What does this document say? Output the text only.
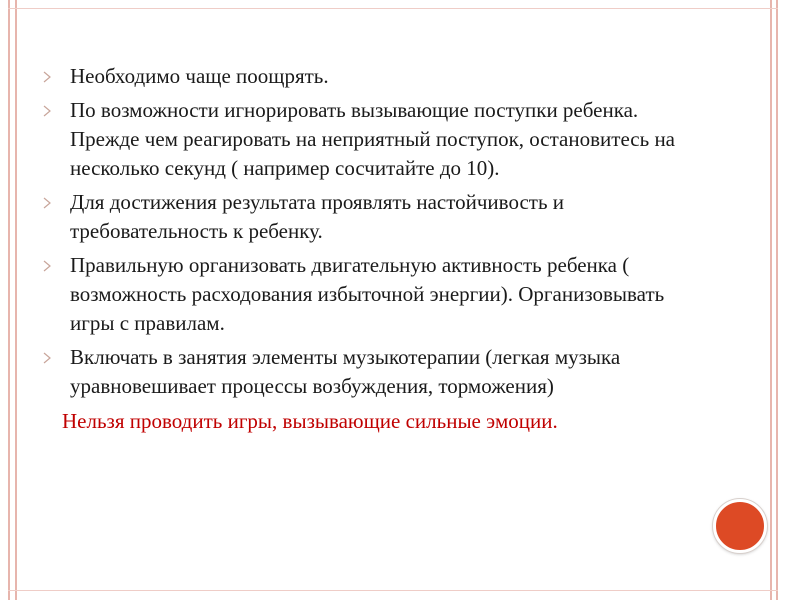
Необходимо чаще поощрять.
По возможности игнорировать вызывающие поступки ребенка. Прежде чем реагировать на неприятный поступок, остановитесь на несколько секунд ( например сосчитайте до 10).
Для достижения результата проявлять настойчивость и требовательность к ребенку.
Правильную организовать двигательную активность ребенка ( возможность расходования избыточной энергии). Организовывать игры с правилам.
Включать в занятия элементы музыкотерапии (легкая музыка уравновешивает процессы возбуждения, торможения)
Нельзя проводить игры, вызывающие сильные эмоции.
